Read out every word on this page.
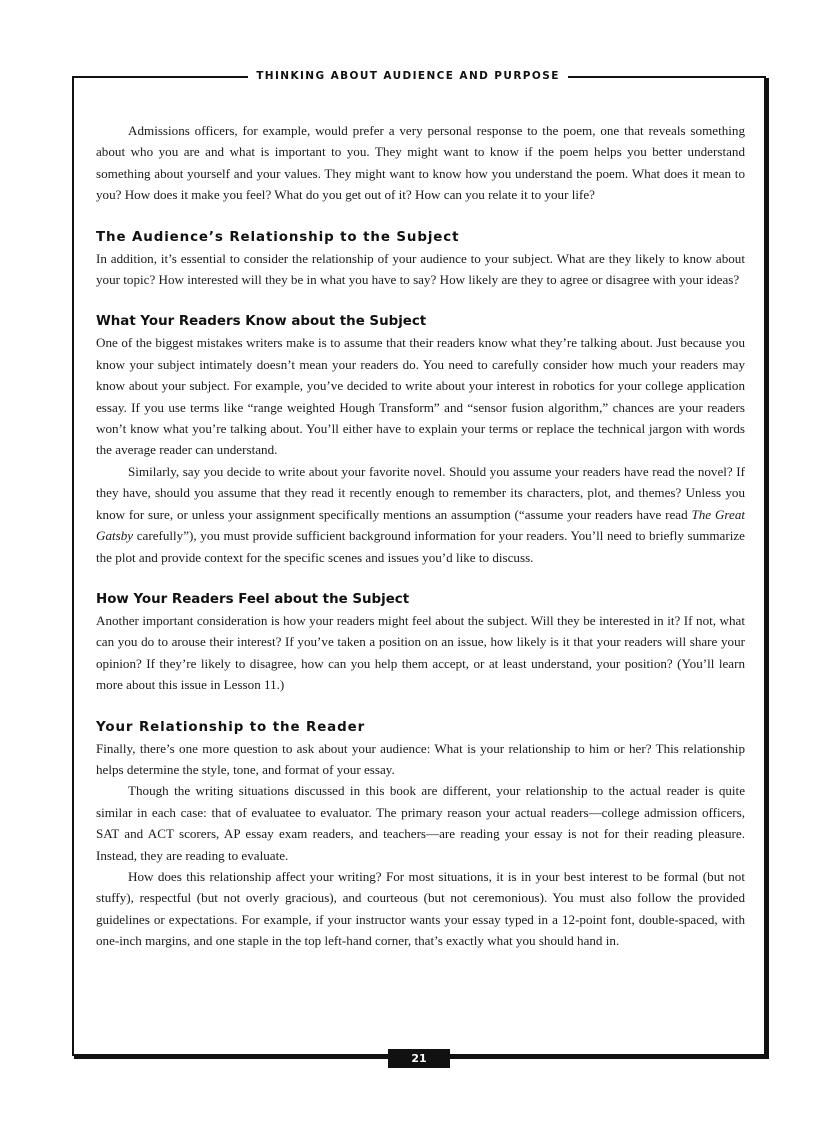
THINKING ABOUT AUDIENCE AND PURPOSE

Admissions officers, for example, would prefer a very personal response to the poem, one that reveals something about who you are and what is important to you. They might want to know if the poem helps you better understand something about yourself and your values. They might want to know how you understand the poem. What does it mean to you? How does it make you feel? What do you get out of it? How can you relate it to your life?

The Audience’s Relationship to the Subject

In addition, it’s essential to consider the relationship of your audience to your subject. What are they likely to know about your topic? How interested will they be in what you have to say? How likely are they to agree or disagree with your ideas?

What Your Readers Know about the Subject

One of the biggest mistakes writers make is to assume that their readers know what they’re talking about. Just because you know your subject intimately doesn’t mean your readers do. You need to carefully consider how much your readers may know about your subject. For example, you’ve decided to write about your interest in robotics for your college application essay. If you use terms like “range weighted Hough Transform” and “sensor fusion algorithm,” chances are your readers won’t know what you’re talking about. You’ll either have to explain your terms or replace the technical jargon with words the average reader can understand.

Similarly, say you decide to write about your favorite novel. Should you assume your readers have read the novel? If they have, should you assume that they read it recently enough to remember its characters, plot, and themes? Unless you know for sure, or unless your assignment specifically mentions an assumption (“assume your readers have read The Great Gatsby carefully”), you must provide sufficient background information for your readers. You’ll need to briefly summarize the plot and provide context for the specific scenes and issues you’d like to discuss.

How Your Readers Feel about the Subject

Another important consideration is how your readers might feel about the subject. Will they be interested in it? If not, what can you do to arouse their interest? If you’ve taken a position on an issue, how likely is it that your readers will share your opinion? If they’re likely to disagree, how can you help them accept, or at least understand, your position? (You’ll learn more about this issue in Lesson 11.)

Your Relationship to the Reader

Finally, there’s one more question to ask about your audience: What is your relationship to him or her? This relationship helps determine the style, tone, and format of your essay.

Though the writing situations discussed in this book are different, your relationship to the actual reader is quite similar in each case: that of evaluatee to evaluator. The primary reason your actual readers—college admission officers, SAT and ACT scorers, AP essay exam readers, and teachers—are reading your essay is not for their reading pleasure. Instead, they are reading to evaluate.

How does this relationship affect your writing? For most situations, it is in your best interest to be formal (but not stuffy), respectful (but not overly gracious), and courteous (but not ceremonious). You must also follow the provided guidelines or expectations. For example, if your instructor wants your essay typed in a 12-point font, double-spaced, with one-inch margins, and one staple in the top left-hand corner, that’s exactly what you should hand in.

21
